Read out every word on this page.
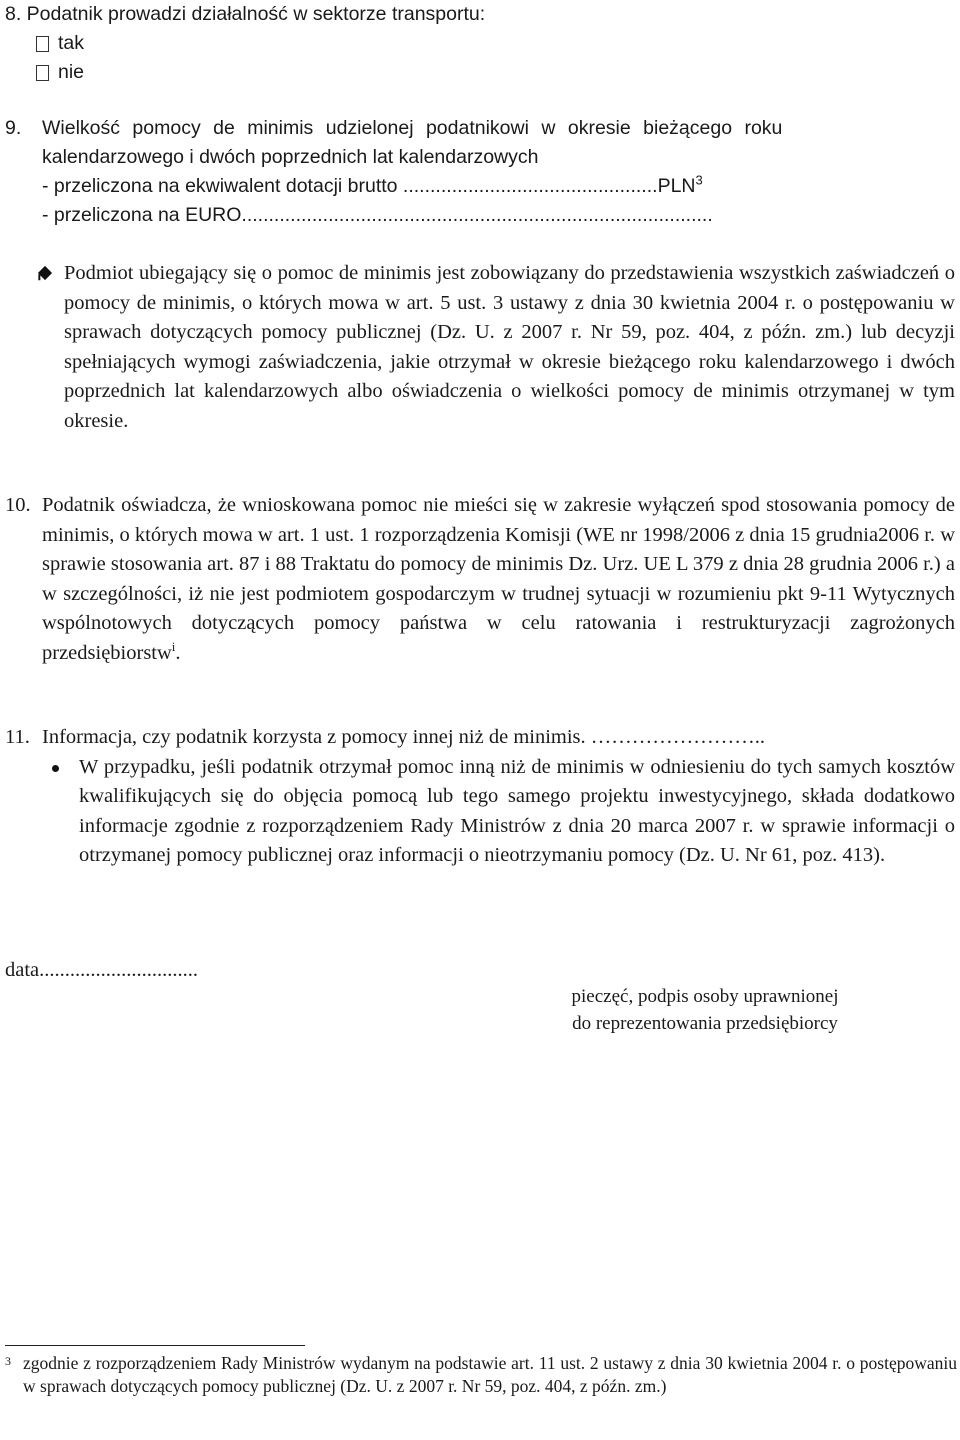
8. Podatnik prowadzi działalność w sektorze transportu:
tak
nie
9.	Wielkość pomocy de minimis udzielonej podatnikowi w okresie bieżącego roku
kalendarzowego i dwóch poprzednich lat kalendarzowych
- przeliczona na ekwiwalent dotacji brutto ...............................................PLN$^3$
- przeliczona na EURO.......................................................................................
Podmiot ubiegający się o pomoc de minimis jest zobowiązany do przedstawienia wszystkich zaświadczeń o pomocy de minimis, o których mowa w art. 5 ust. 3 ustawy z dnia 30 kwietnia 2004 r. o postępowaniu w sprawach dotyczących pomocy publicznej (Dz. U. z 2007 r. Nr 59, poz. 404, z późn. zm.) lub decyzji spełniających wymogi zaświadczenia, jakie otrzymał w okresie bieżącego roku kalendarzowego i dwóch poprzednich lat kalendarzowych albo oświadczenia o wielkości pomocy de minimis otrzymanej w tym okresie.
10. Podatnik oświadcza, że wnioskowana pomoc nie mieści się w zakresie wyłączeń spod stosowania pomocy de minimis, o których mowa w art. 1 ust. 1 rozporządzenia Komisji (WE nr 1998/2006 z dnia 15 grudnia2006 r. w sprawie stosowania art. 87 i 88 Traktatu do pomocy de minimis Dz. Urz. UE L 379 z dnia 28 grudnia 2006 r.) a w szczególności, iż nie jest podmiotem gospodarczym w trudnej sytuacji w rozumieniu pkt 9-11 Wytycznych wspólnotowych dotyczących pomocy państwa w celu ratowania i restrukturyzacji zagrożonych przedsiębiorstw$^i$.
11. Informacja, czy podatnik korzysta z pomocy innej niż de minimis. ……………………..
W przypadku, jeśli podatnik otrzymał pomoc inną niż de minimis w odniesieniu do tych samych kosztów kwalifikujących się do objęcia pomocą lub tego samego projektu inwestycyjnego, składa dodatkowo informacje zgodnie z rozporządzeniem Rady Ministrów z dnia 20 marca 2007 r. w sprawie informacji o otrzymanej pomocy publicznej oraz informacji o nieotrzymaniu pomocy (Dz. U. Nr 61, poz. 413).
data...............................
pieczęć, podpis osoby uprawnionej
do reprezentowania przedsiębiorcy
3 zgodnie z rozporządzeniem Rady Ministrów wydanym na podstawie art. 11 ust. 2 ustawy z dnia 30 kwietnia 2004 r. o postępowaniu w sprawach dotyczących pomocy publicznej (Dz. U. z 2007 r. Nr 59, poz. 404, z późn. zm.)
